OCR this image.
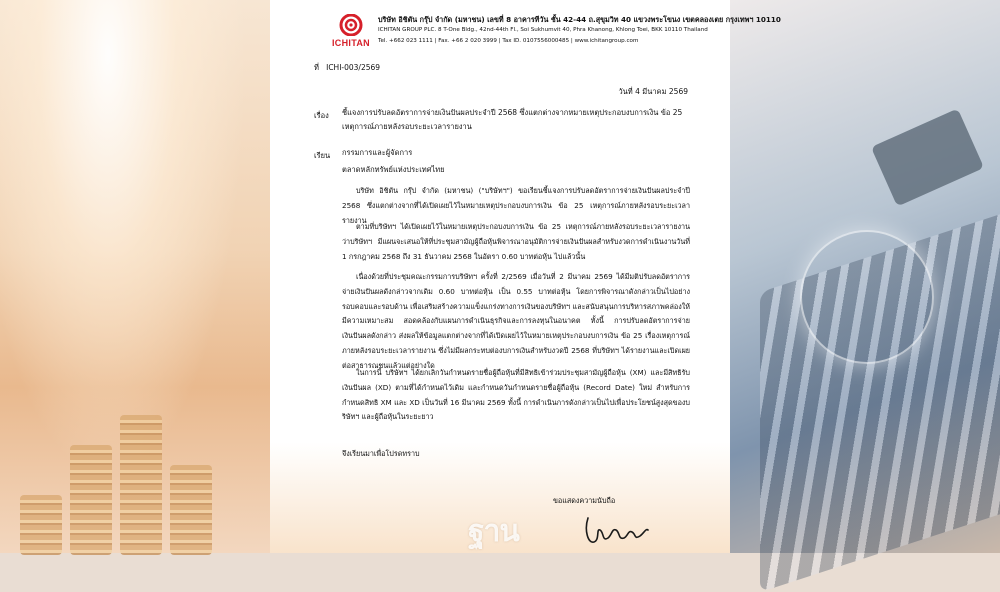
ICHITAN
บริษัท อิชิตัน กรุ๊ป จำกัด (มหาชน) เลขที่ 8 อาคารทีวัน ชั้น 42-44 ถ.สุขุมวิท 40 แขวงพระโขนง เขตคลองเตย กรุงเทพฯ 10110
ICHITAN GROUP PLC. 8 T-One Bldg., 42nd-44th Fl., Soi Sukhumvit 40, Phra Khanong, Khlong Toei, BKK 10110 Thailand
Tel. +662 023 1111 | Fax. +66 2 020 3999 | Tax ID. 0107556000485 | www.ichitangroup.com
ที่ ICHI-003/2569
วันที่ 4 มีนาคม 2569
เรื่อง ชี้แจงการปรับลดอัตราการจ่ายเงินปันผลประจำปี 2568 ซึ่งแตกต่างจากหมายเหตุประกอบงบการเงิน ข้อ 25 เหตุการณ์ภายหลังรอบระยะเวลารายงาน
เรียน กรรมการและผู้จัดการ
ตลาดหลักทรัพย์แห่งประเทศไทย
บริษัท อิชิตัน กรุ๊ป จำกัด (มหาชน) ("บริษัทฯ") ขอเรียนชี้แจงการปรับลดอัตราการจ่ายเงินปันผลประจำปี 2568 ซึ่งแตกต่างจากที่ได้เปิดเผยไว้ในหมายเหตุประกอบงบการเงิน ข้อ 25 เหตุการณ์ภายหลังรอบระยะเวลารายงาน
ตามที่บริษัทฯ ได้เปิดเผยไว้ในหมายเหตุประกอบงบการเงิน ข้อ 25 เหตุการณ์ภายหลังรอบระยะเวลารายงาน ว่าบริษัทฯ มีแผนจะเสนอให้ที่ประชุมสามัญผู้ถือหุ้นพิจารณาอนุมัติการจ่ายเงินปันผลสำหรับงวดการดำเนินงานวันที่ 1 กรกฎาคม 2568 ถึง 31 ธันวาคม 2568 ในอัตรา 0.60 บาทต่อหุ้น ไปแล้วนั้น
เนื่องด้วยที่ประชุมคณะกรรมการบริษัทฯ ครั้งที่ 2/2569 เมื่อวันที่ 2 มีนาคม 2569 ได้มีมติปรับลดอัตราการจ่ายเงินปันผลดังกล่าวจากเดิม 0.60 บาทต่อหุ้น เป็น 0.55 บาทต่อหุ้น โดยการพิจารณาดังกล่าวเป็นไปอย่างรอบคอบและรอบด้าน เพื่อเสริมสร้างความแข็งแกร่งทางการเงินของบริษัทฯ และสนับสนุนการบริหารสภาพคล่องให้มีความเหมาะสม สอดคล้องกับแผนการดำเนินธุรกิจและการลงทุนในอนาคต ทั้งนี้ การปรับลดอัตราการจ่ายเงินปันผลดังกล่าว ส่งผลให้ข้อมูลแตกต่างจากที่ได้เปิดเผยไว้ในหมายเหตุประกอบงบการเงิน ข้อ 25 เรื่องเหตุการณ์ภายหลังรอบระยะเวลารายงาน ซึ่งไม่มีผลกระทบต่องบการเงินสำหรับงวดปี 2568 ที่บริษัทฯ ได้รายงานและเปิดเผยต่อสาธารณชนแล้วแต่อย่างใด
ในการนี้ บริษัทฯ ได้ยกเลิกวันกำหนดรายชื่อผู้ถือหุ้นที่มีสิทธิเข้าร่วมประชุมสามัญผู้ถือหุ้น (XM) และมีสิทธิรับเงินปันผล (XD) ตามที่ได้กำหนดไว้เดิม และกำหนดวันกำหนดรายชื่อผู้ถือหุ้น (Record Date) ใหม่ สำหรับการกำหนดสิทธิ XM และ XD เป็นวันที่ 16 มีนาคม 2569 ทั้งนี้ การดำเนินการดังกล่าวเป็นไปเพื่อประโยชน์สูงสุดของบริษัทฯ และผู้ถือหุ้นในระยะยาว
จึงเรียนมาเพื่อโปรดทราบ
ขอแสดงความนับถือ
ฐาน
